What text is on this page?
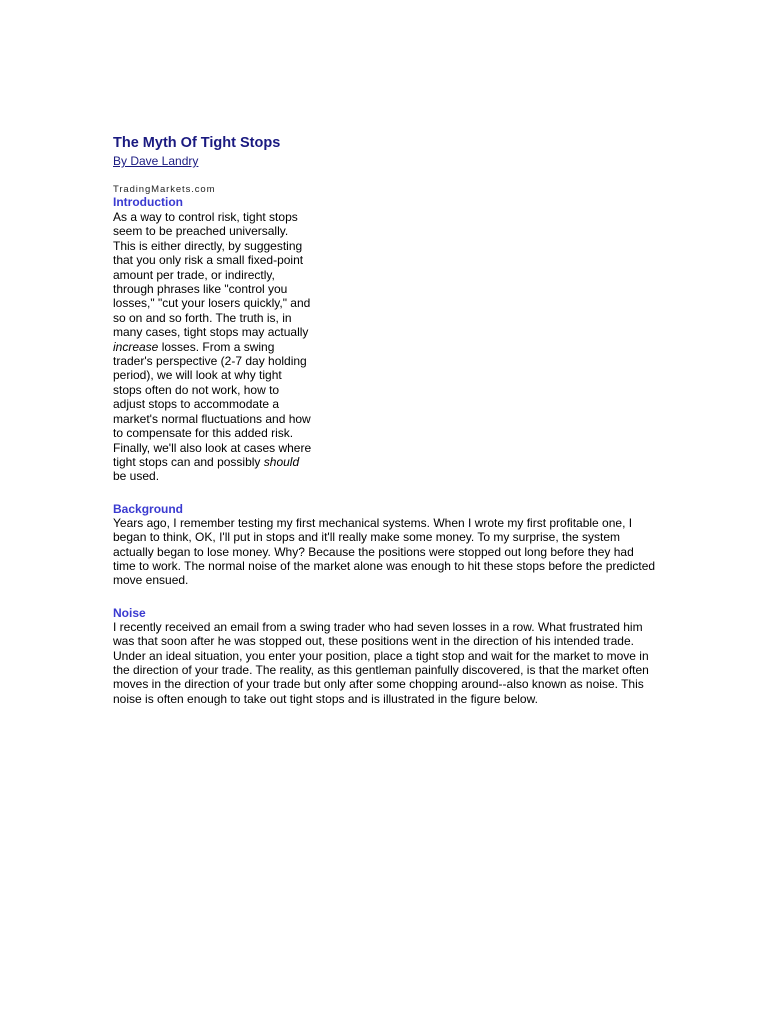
The Myth Of Tight Stops
By Dave Landry
TradingMarkets.com
Introduction

As a way to control risk, tight stops seem to be preached universally. This is either directly, by suggesting that you only risk a small fixed-point amount per trade, or indirectly, through phrases like "control you losses," "cut your losers quickly," and so on and so forth. The truth is, in many cases, tight stops may actually increase losses. From a swing trader's perspective (2-7 day holding period), we will look at why tight stops often do not work, how to adjust stops to accommodate a market's normal fluctuations and how to compensate for this added risk. Finally, we'll also look at cases where tight stops can and possibly should be used.

Background

Years ago, I remember testing my first mechanical systems. When I wrote my first profitable one, I began to think, OK, I'll put in stops and it'll really make some money. To my surprise, the system actually began to lose money. Why? Because the positions were stopped out long before they had time to work. The normal noise of the market alone was enough to hit these stops before the predicted move ensued.

Noise

I recently received an email from a swing trader who had seven losses in a row. What frustrated him was that soon after he was stopped out, these positions went in the direction of his intended trade. Under an ideal situation, you enter your position, place a tight stop and wait for the market to move in the direction of your trade. The reality, as this gentleman painfully discovered, is that the market often moves in the direction of your trade but only after some chopping around--also known as noise. This noise is often enough to take out tight stops and is illustrated in the figure below.
